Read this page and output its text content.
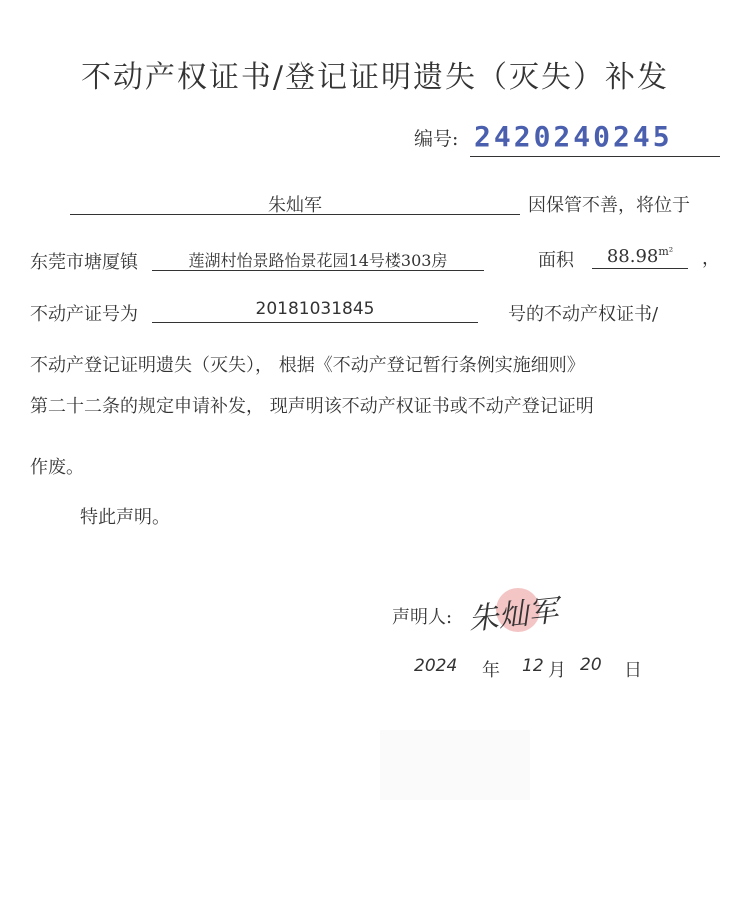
不动产权证书/登记证明遗失（灭失）补发
编号: 2420240245
朱灿军	因保管不善，将位于
东莞市塘厦镇	莲湖村怡景路怡景花园14号楼303房	面积	$88.98^{m^2}$	，
不动产证号为	20181031845	号的不动产权证书/
不动产登记证明遗失（灭失）， 根据《不动产登记暂行条例实施细则》
第二十二条的规定申请补发， 现声明该不动产权证书或不动产登记证明
作废。
特此声明。
声明人: 朱灿军
2024 年 12 月 20 日
